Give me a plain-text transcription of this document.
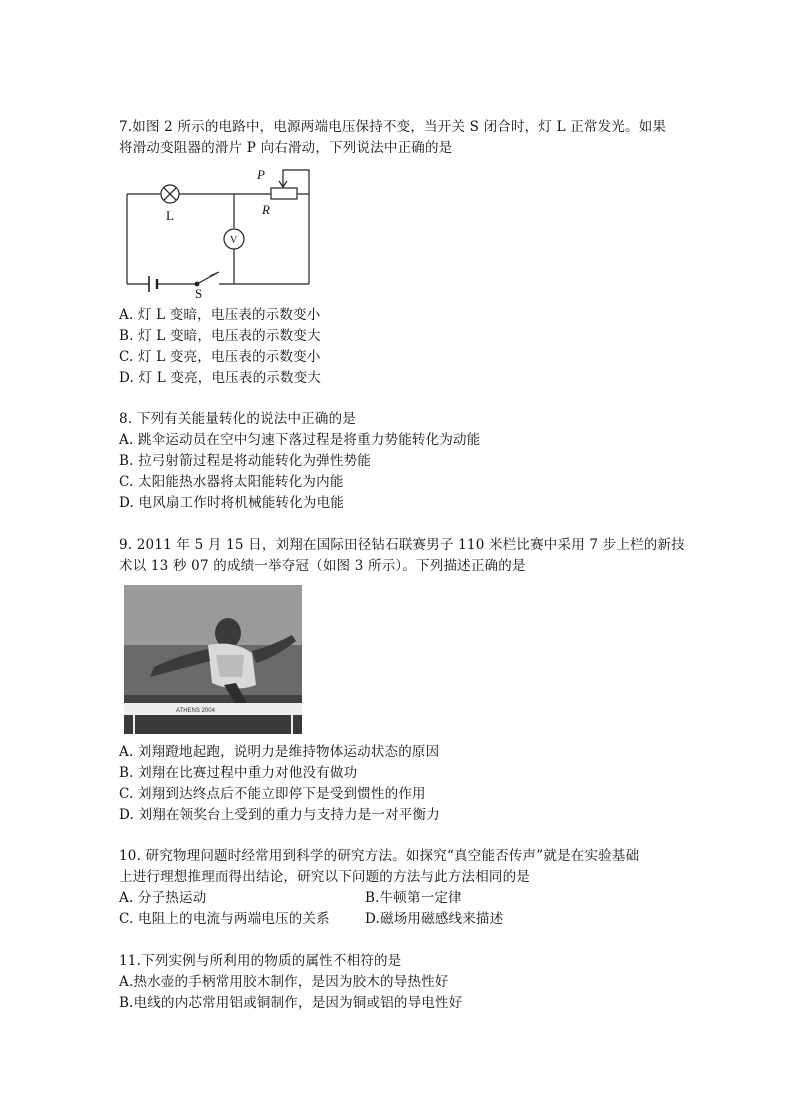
7.如图 2 所示的电路中，电源两端电压保持不变，当开关 S 闭合时，灯 L 正常发光。如果
将滑动变阻器的滑片 P 向右滑动，下列说法中正确的是
P
R
L
V
S
A. 灯 L 变暗，电压表的示数变小
B. 灯 L 变暗，电压表的示数变大
C. 灯 L 变亮，电压表的示数变小
D. 灯 L 变亮，电压表的示数变大
8. 下列有关能量转化的说法中正确的是
A. 跳伞运动员在空中匀速下落过程是将重力势能转化为动能
B. 拉弓射箭过程是将动能转化为弹性势能
C. 太阳能热水器将太阳能转化为内能
D. 电风扇工作时将机械能转化为电能
9. 2011 年 5 月 15 日，刘翔在国际田径钻石联赛男子 110 米栏比赛中采用 7 步上栏的新技
术以 13 秒 07 的成绩一举夺冠（如图 3 所示）。下列描述正确的是
ATHENS 2004
A. 刘翔蹬地起跑，说明力是维持物体运动状态的原因
B. 刘翔在比赛过程中重力对他没有做功
C. 刘翔到达终点后不能立即停下是受到惯性的作用
D. 刘翔在领奖台上受到的重力与支持力是一对平衡力
10. 研究物理问题时经常用到科学的研究方法。如探究“真空能否传声”就是在实验基础
上进行理想推理而得出结论，研究以下问题的方法与此方法相同的是
A. 分子热运动	B.牛顿第一定律
C. 电阻上的电流与两端电压的关系	D.磁场用磁感线来描述
11.下列实例与所利用的物质的属性不相符的是
A.热水壶的手柄常用胶木制作，是因为胶木的导热性好
B.电线的内芯常用铝或铜制作，是因为铜或铝的导电性好
